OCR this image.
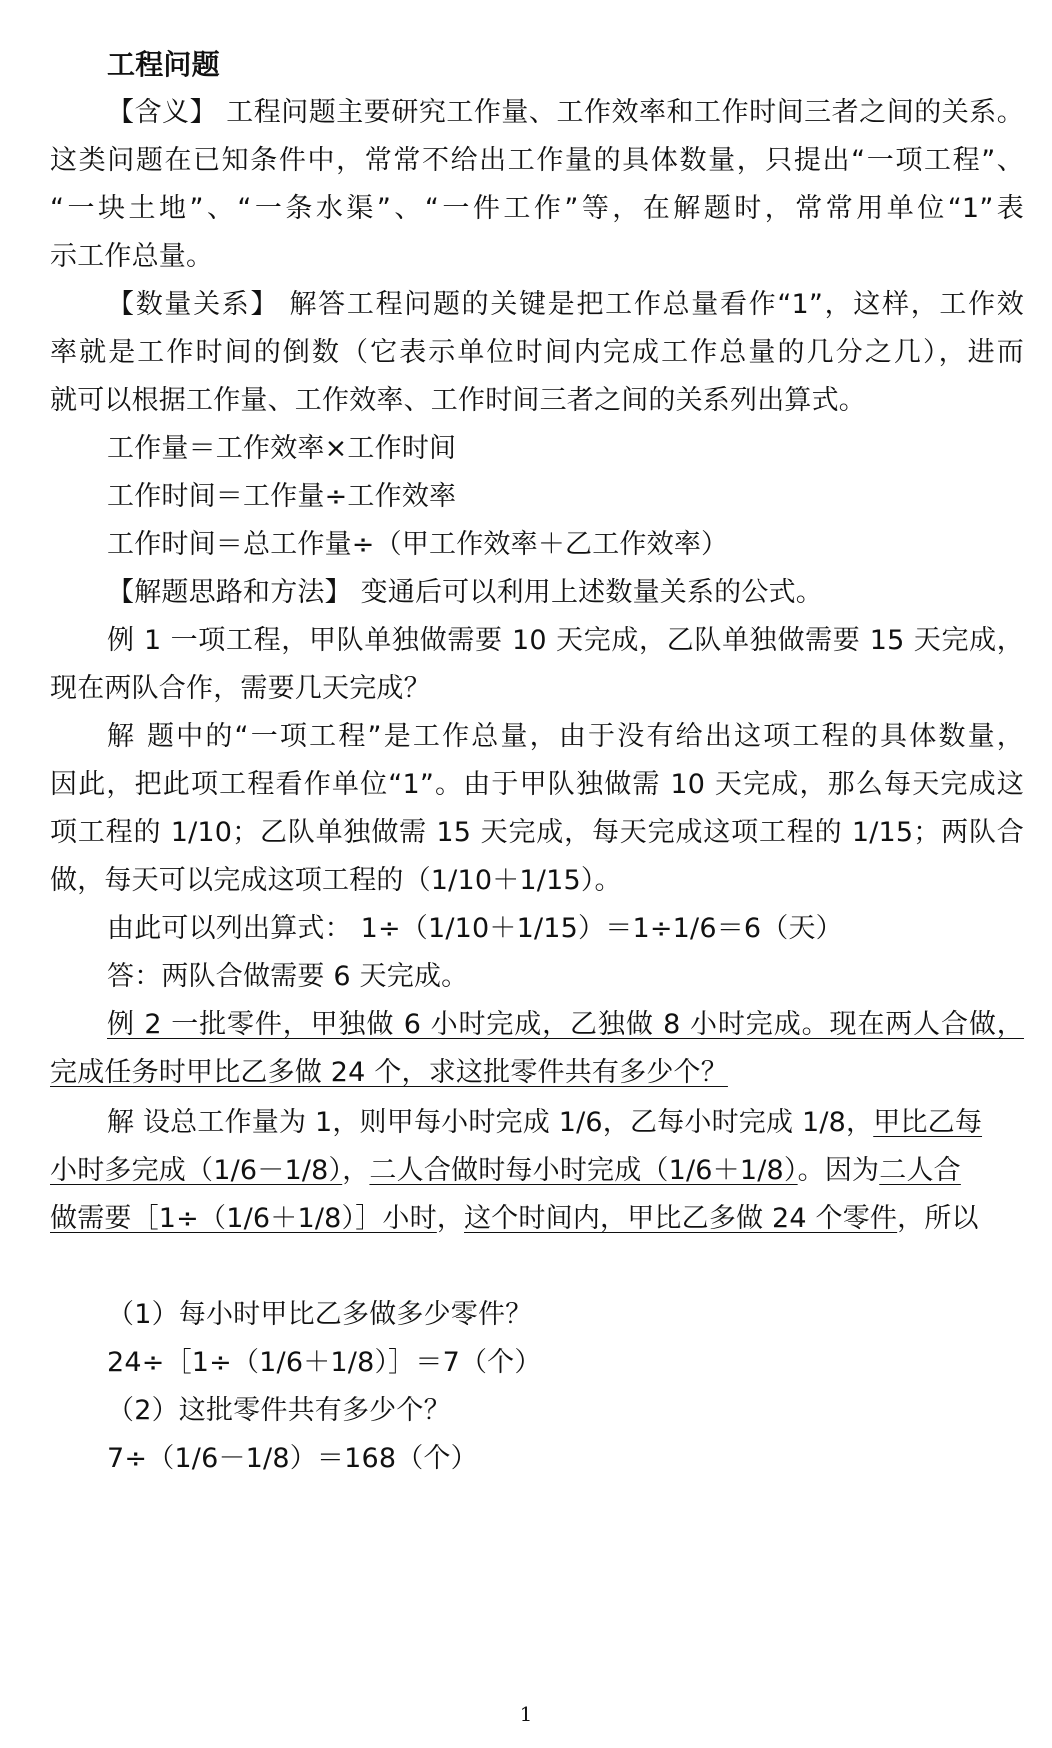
工程问题
【含义】 工程问题主要研究工作量、工作效率和工作时间三者之间的关系。
这类问题在已知条件中，常常不给出工作量的具体数量，只提出“一项工程”、
“一块土地”、“一条水渠”、“一件工作”等，在解题时，常常用单位“1”表
示工作总量。
【数量关系】 解答工程问题的关键是把工作总量看作“1”，这样，工作效
率就是工作时间的倒数（它表示单位时间内完成工作总量的几分之几），进而
就可以根据工作量、工作效率、工作时间三者之间的关系列出算式。
工作量＝工作效率×工作时间
工作时间＝工作量÷工作效率
工作时间＝总工作量÷（甲工作效率＋乙工作效率）
【解题思路和方法】 变通后可以利用上述数量关系的公式。
例 1 一项工程，甲队单独做需要 10 天完成，乙队单独做需要 15 天完成，
现在两队合作，需要几天完成？
解 题中的“一项工程”是工作总量，由于没有给出这项工程的具体数量，
因此，把此项工程看作单位“1”。由于甲队独做需 10 天完成，那么每天完成这
项工程的 1/10；乙队单独做需 15 天完成，每天完成这项工程的 1/15；两队合
做，每天可以完成这项工程的（1/10＋1/15）。
由此可以列出算式： 1÷（1/10＋1/15）＝1÷1/6＝6（天）
答：两队合做需要 6 天完成。
例 2 一批零件，甲独做 6 小时完成，乙独做 8 小时完成。现在两人合做，
完成任务时甲比乙多做 24 个，求这批零件共有多少个？
解 设总工作量为 1，则甲每小时完成 1/6，乙每小时完成 1/8，甲比乙每
小时多完成（1/6－1/8），二人合做时每小时完成（1/6＋1/8）。因为二人合
做需要［1÷（1/6＋1/8）］小时，这个时间内，甲比乙多做 24 个零件，所以
（1）每小时甲比乙多做多少零件？
24÷［1÷（1/6＋1/8）］＝7（个）
（2）这批零件共有多少个？
7÷（1/6－1/8）＝168（个）
1
